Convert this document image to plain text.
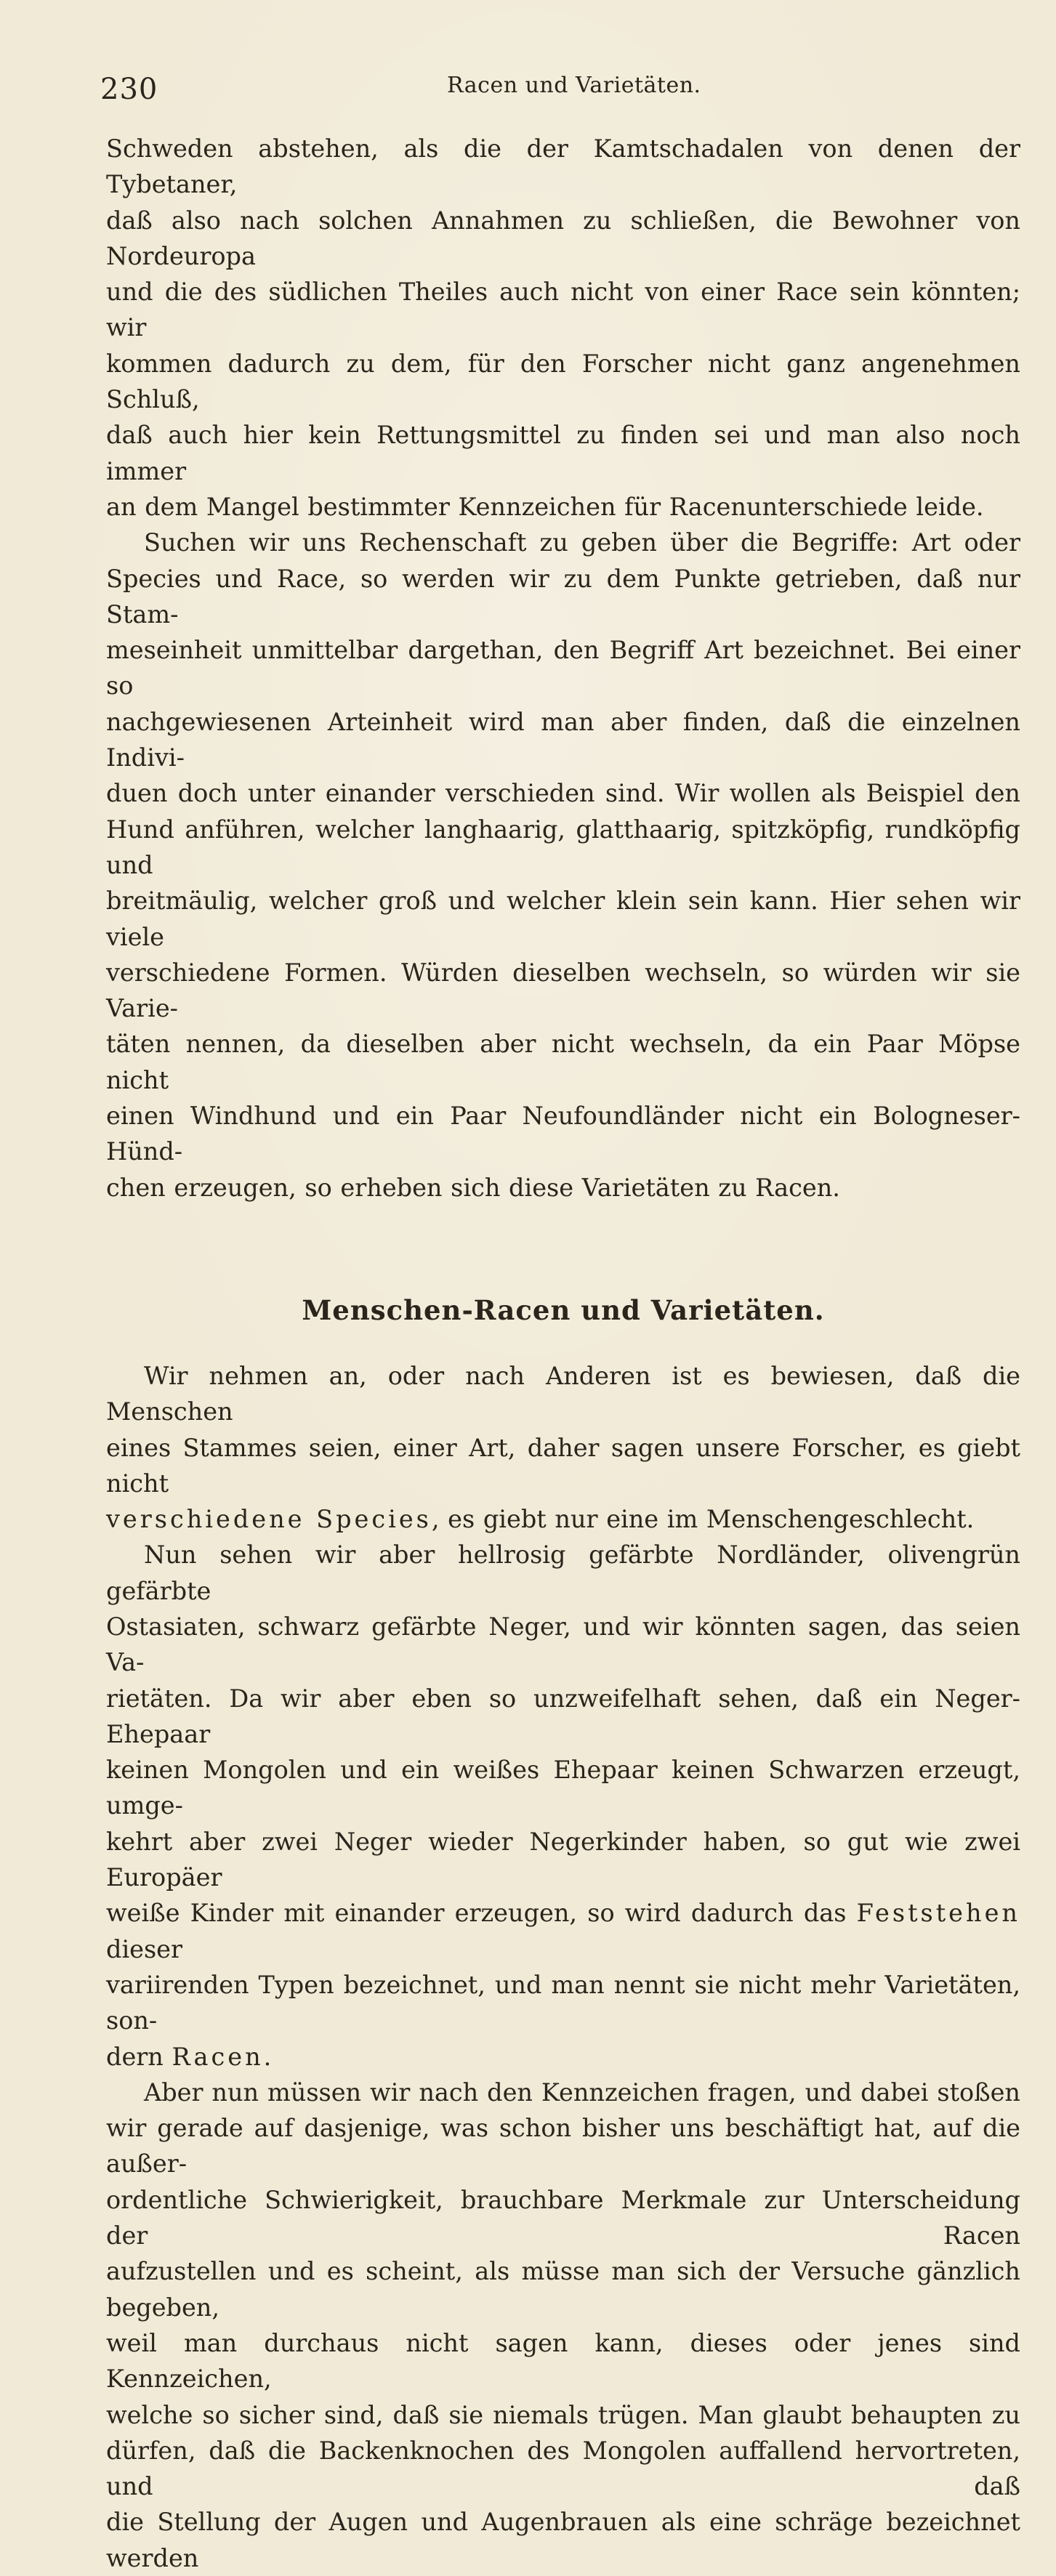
230	Racen und Varietäten.

Schweden abstehen, als die der Kamtschadalen von denen der Tybetaner,

daß also nach solchen Annahmen zu schließen, die Bewohner von Nordeuropa

und die des südlichen Theiles auch nicht von einer Race sein könnten; wir

kommen dadurch zu dem, für den Forscher nicht ganz angenehmen Schluß,

daß auch hier kein Rettungsmittel zu finden sei und man also noch immer

an dem Mangel bestimmter Kennzeichen für Racenunterschiede leide.

Suchen wir uns Rechenschaft zu geben über die Begriffe: Art oder

Species und Race, so werden wir zu dem Punkte getrieben, daß nur Stam-

meseinheit unmittelbar dargethan, den Begriff Art bezeichnet. Bei einer so

nachgewiesenen Arteinheit wird man aber finden, daß die einzelnen Indivi-

duen doch unter einander verschieden sind. Wir wollen als Beispiel den

Hund anführen, welcher langhaarig, glatthaarig, spitzköpfig, rundköpfig und

breitmäulig, welcher groß und welcher klein sein kann. Hier sehen wir viele

verschiedene Formen. Würden dieselben wechseln, so würden wir sie Varie-

täten nennen, da dieselben aber nicht wechseln, da ein Paar Möpse nicht

einen Windhund und ein Paar Neufoundländer nicht ein Bologneser-Hünd-

chen erzeugen, so erheben sich diese Varietäten zu Racen.

Menschen-Racen und Varietäten.

Wir nehmen an, oder nach Anderen ist es bewiesen, daß die Menschen

eines Stammes seien, einer Art, daher sagen unsere Forscher, es giebt nicht

verschiedene Species, es giebt nur eine im Menschengeschlecht.

Nun sehen wir aber hellrosig gefärbte Nordländer, olivengrün gefärbte

Ostasiaten, schwarz gefärbte Neger, und wir könnten sagen, das seien Va-

rietäten. Da wir aber eben so unzweifelhaft sehen, daß ein Neger-Ehepaar

keinen Mongolen und ein weißes Ehepaar keinen Schwarzen erzeugt, umge-

kehrt aber zwei Neger wieder Negerkinder haben, so gut wie zwei Europäer

weiße Kinder mit einander erzeugen, so wird dadurch das Feststehen dieser

variirenden Typen bezeichnet, und man nennt sie nicht mehr Varietäten, son-

dern Racen.

Aber nun müssen wir nach den Kennzeichen fragen, und dabei stoßen

wir gerade auf dasjenige, was schon bisher uns beschäftigt hat, auf die außer-

ordentliche Schwierigkeit, brauchbare Merkmale zur Unterscheidung der Racen

aufzustellen und es scheint, als müsse man sich der Versuche gänzlich begeben,

weil man durchaus nicht sagen kann, dieses oder jenes sind Kennzeichen,

welche so sicher sind, daß sie niemals trügen. Man glaubt behaupten zu

dürfen, daß die Backenknochen des Mongolen auffallend hervortreten, und daß

die Stellung der Augen und Augenbrauen als eine schräge bezeichnet werden
